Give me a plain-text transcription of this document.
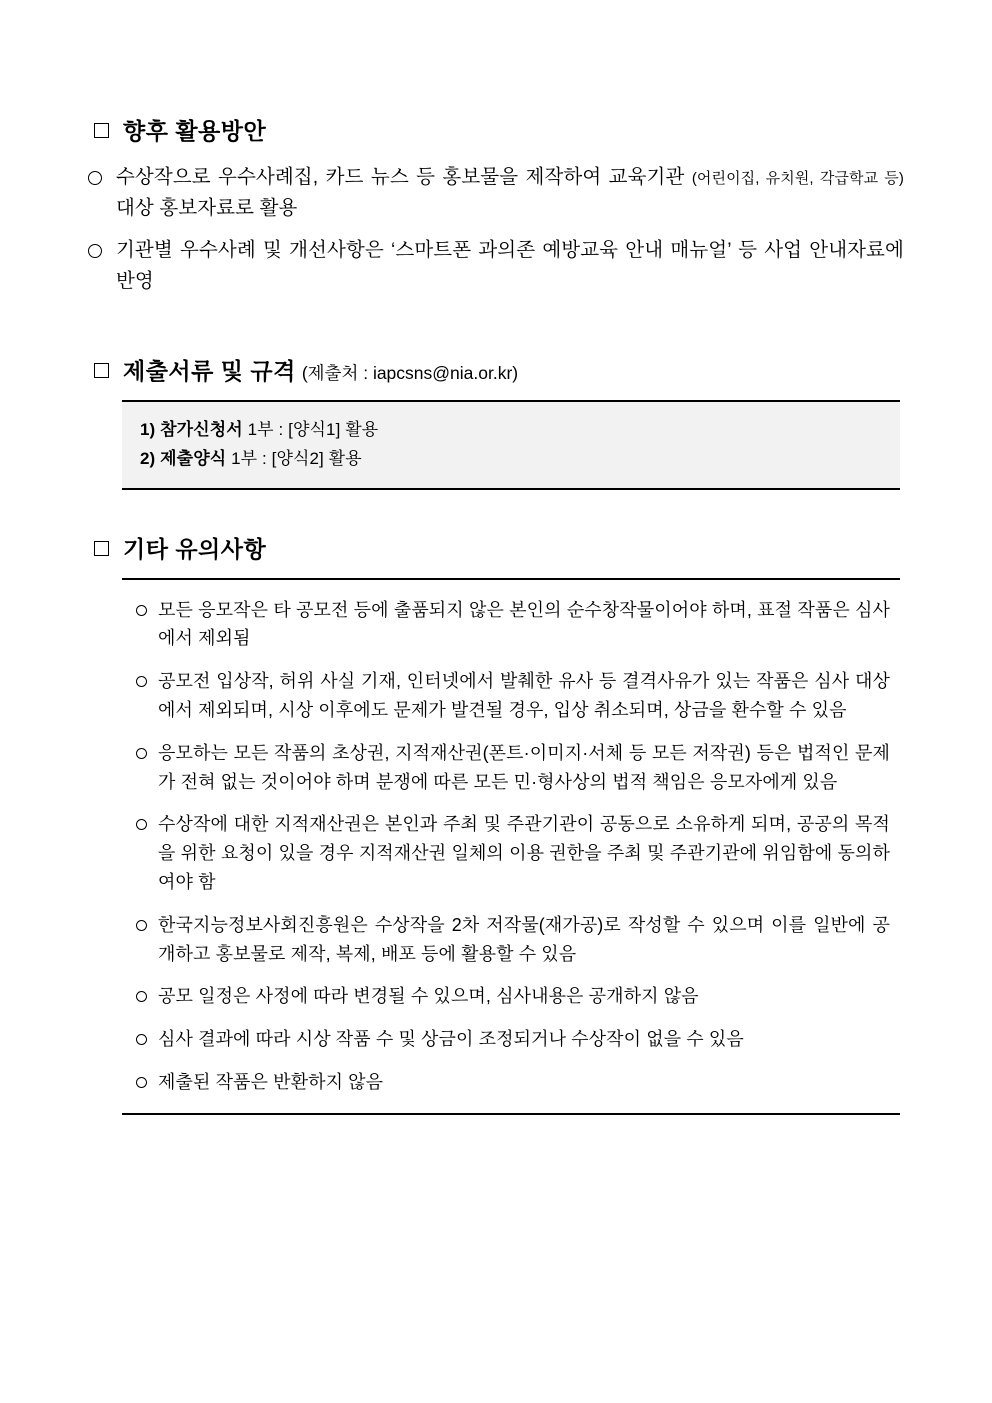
향후 활용방안
수상작으로 우수사례집, 카드 뉴스 등 홍보물을 제작하여 교육기관 (어린이집, 유치원, 각급학교 등) 대상 홍보자료로 활용
기관별 우수사례 및 개선사항은 ‘스마트폰 과의존 예방교육 안내 매뉴얼’ 등 사업 안내자료에 반영
제출서류 및 규격 (제출처 : iapcsns@nia.or.kr)
1) 참가신청서 1부 : [양식1] 활용
2) 제출양식 1부 : [양식2] 활용
기타 유의사항
모든 응모작은 타 공모전 등에 출품되지 않은 본인의 순수창작물이어야 하며, 표절 작품은 심사에서 제외됨
공모전 입상작, 허위 사실 기재, 인터넷에서 발췌한 유사 등 결격사유가 있는 작품은 심사 대상에서 제외되며, 시상 이후에도 문제가 발견될 경우, 입상 취소되며, 상금을 환수할 수 있음
응모하는 모든 작품의 초상권, 지적재산권(폰트·이미지·서체 등 모든 저작권) 등은 법적인 문제가 전혀 없는 것이어야 하며 분쟁에 따른 모든 민·형사상의 법적 책임은 응모자에게 있음
수상작에 대한 지적재산권은 본인과 주최 및 주관기관이 공동으로 소유하게 되며, 공공의 목적을 위한 요청이 있을 경우 지적재산권 일체의 이용 권한을 주최 및 주관기관에 위임함에 동의하여야 함
한국지능정보사회진흥원은 수상작을 2차 저작물(재가공)로 작성할 수 있으며 이를 일반에 공개하고 홍보물로 제작, 복제, 배포 등에 활용할 수 있음
공모 일정은 사정에 따라 변경될 수 있으며, 심사내용은 공개하지 않음
심사 결과에 따라 시상 작품 수 및 상금이 조정되거나 수상작이 없을 수 있음
제출된 작품은 반환하지 않음
